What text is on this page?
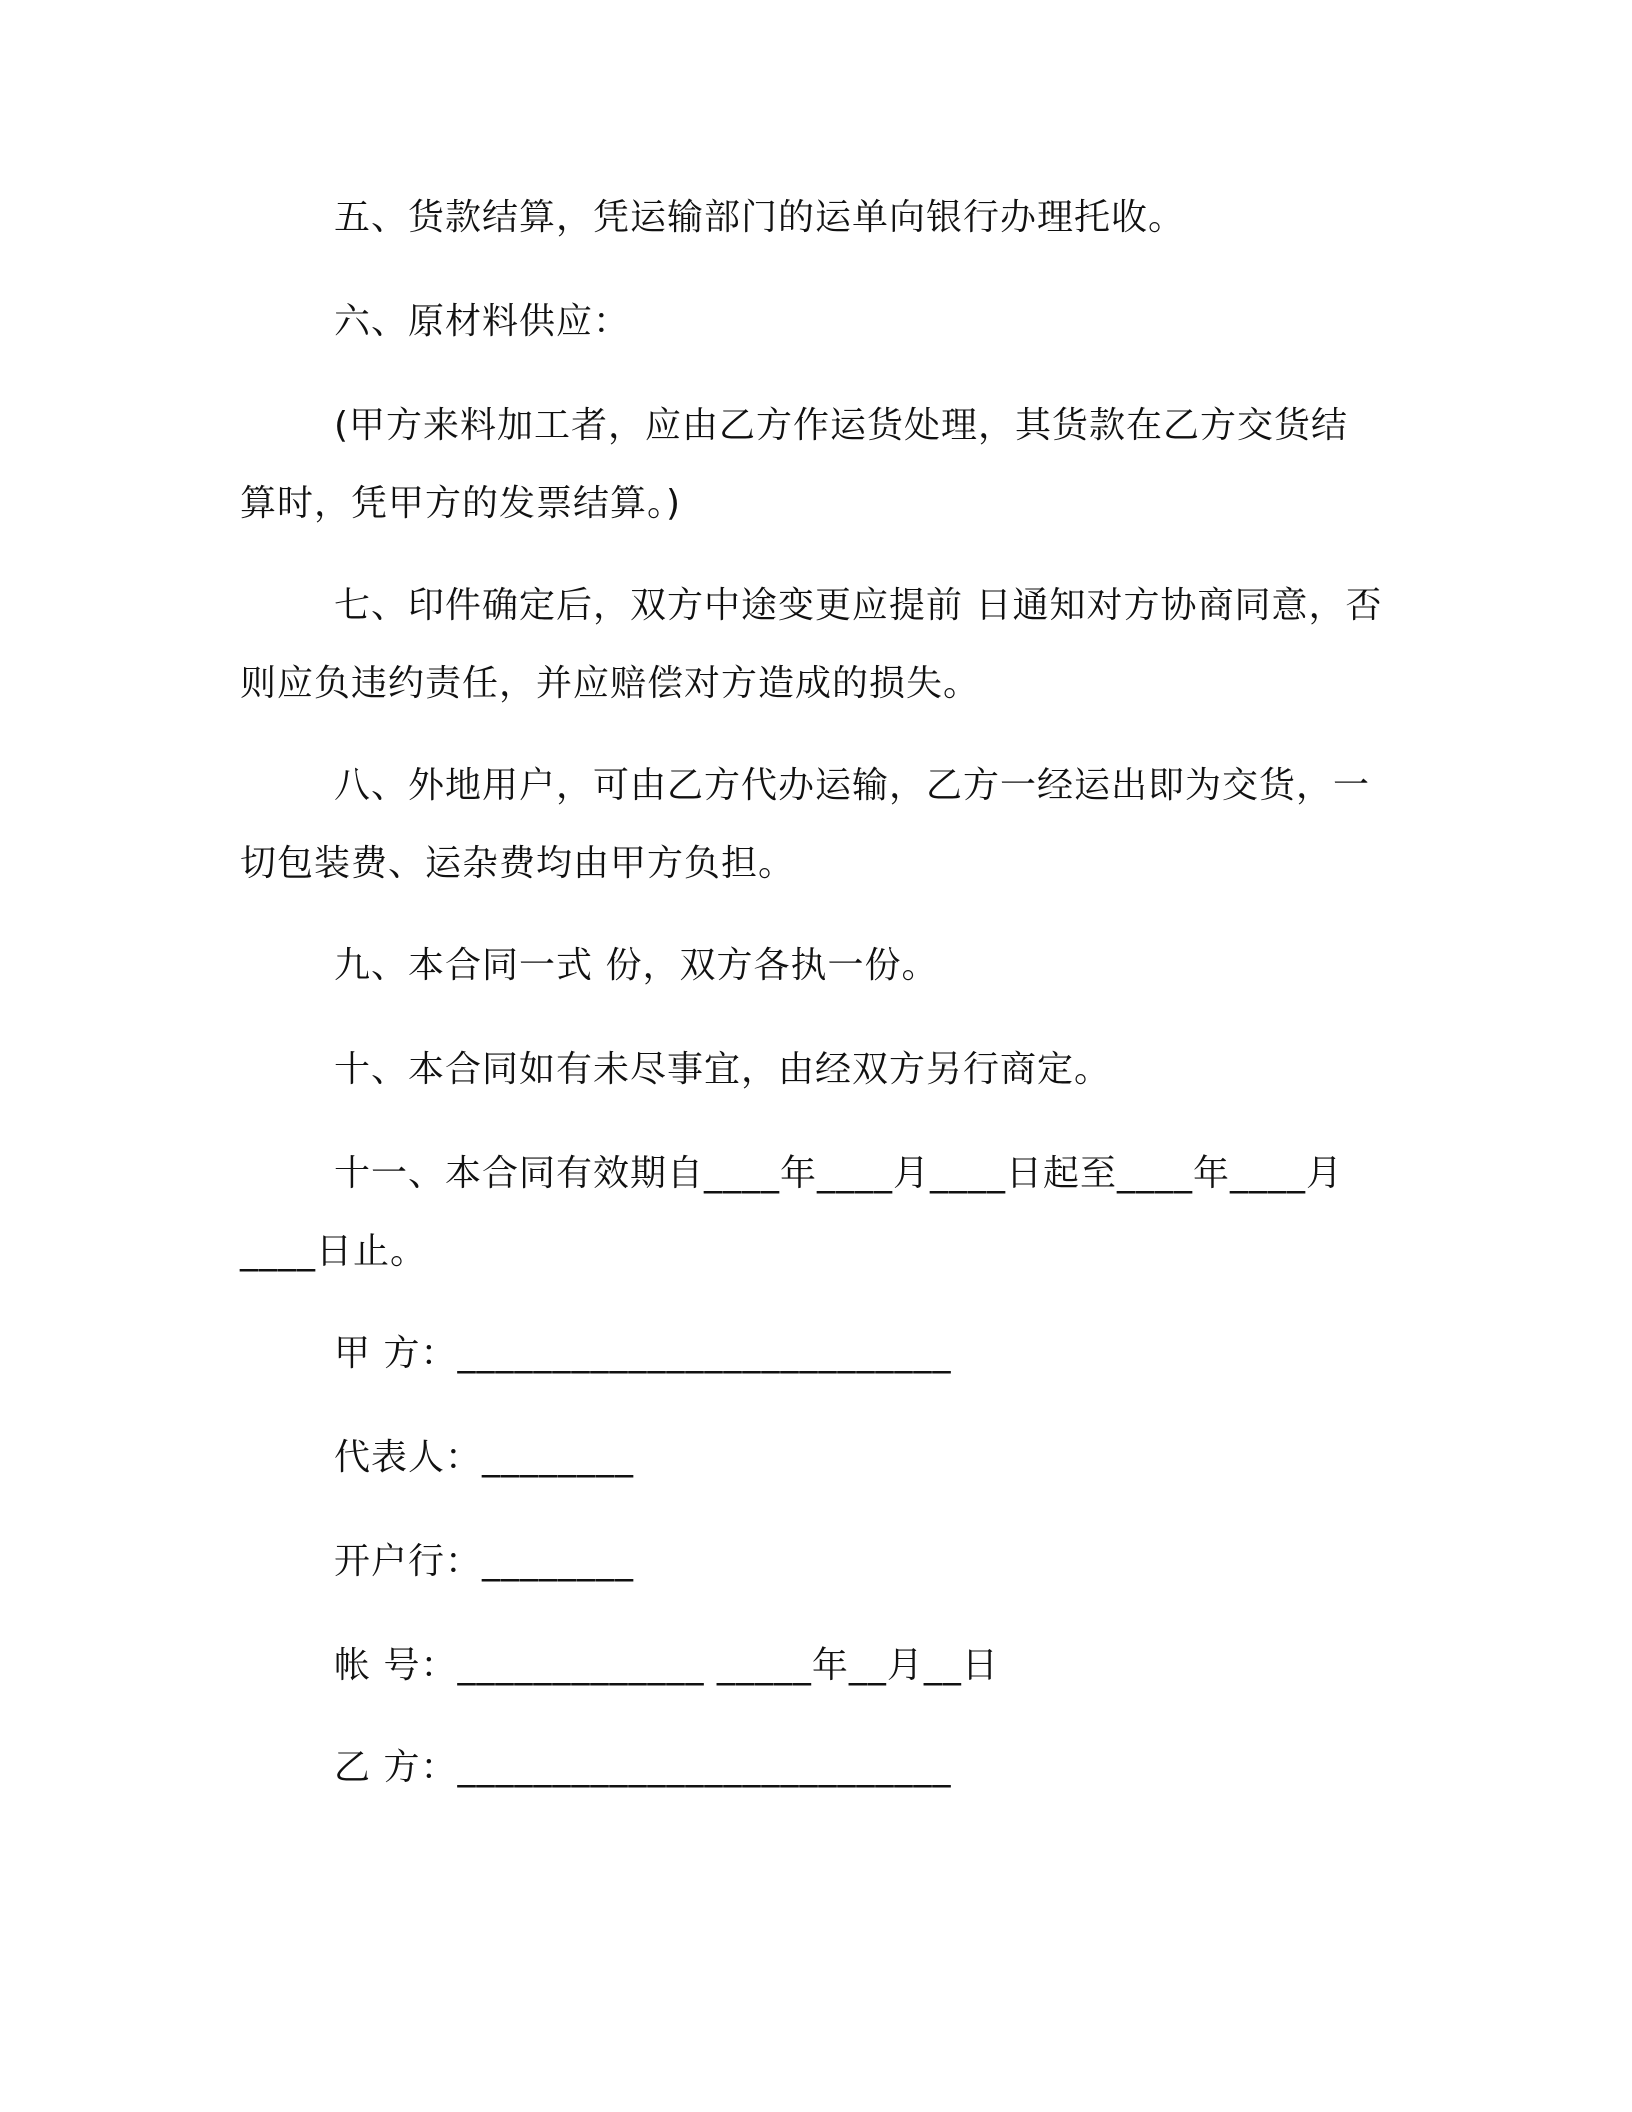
五、货款结算，凭运输部门的运单向银行办理托收。
六、原材料供应：
(甲方来料加工者，应由乙方作运货处理，其货款在乙方交货结
算时，凭甲方的发票结算。)
七、印件确定后，双方中途变更应提前 日通知对方协商同意，否
则应负违约责任，并应赔偿对方造成的损失。
八、外地用户，可由乙方代办运输，乙方一经运出即为交货，一
切包装费、运杂费均由甲方负担。
九、本合同一式 份，双方各执一份。
十、本合同如有未尽事宜，由经双方另行商定。
十一、本合同有效期自____年____月____日起至____年____月
____日止。
甲 方：__________________________
代表人：________
开户行：________
帐 号：_____________ _____年__月__日
乙 方：__________________________
